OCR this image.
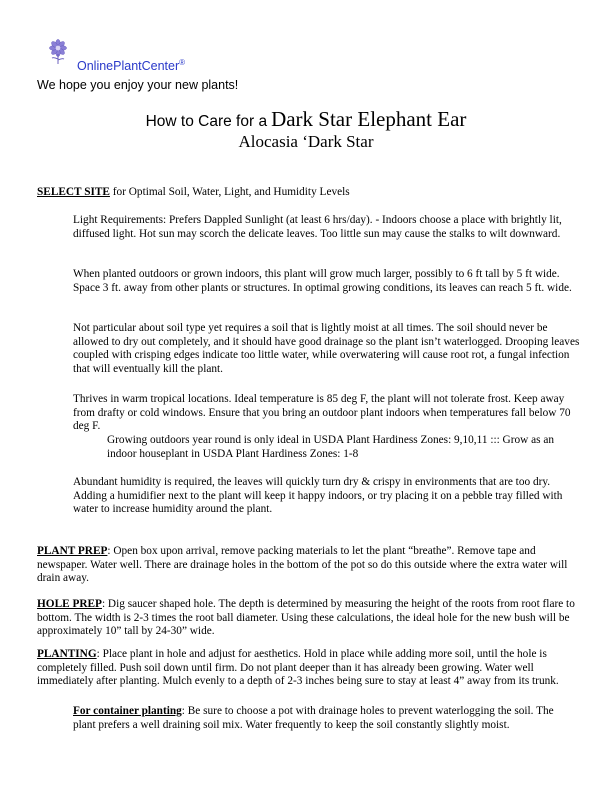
OnlinePlantCenter®
We hope you enjoy your new plants!
How to Care for a Dark Star Elephant Ear
Alocasia ‘Dark Star
SELECT SITE for Optimal Soil, Water, Light, and Humidity Levels
Light Requirements: Prefers Dappled Sunlight (at least 6 hrs/day). - Indoors choose a place with brightly lit, diffused light. Hot sun may scorch the delicate leaves. Too little sun may cause the stalks to wilt downward.
When planted outdoors or grown indoors, this plant will grow much larger, possibly to 6 ft tall by 5 ft wide. Space 3 ft. away from other plants or structures. In optimal growing conditions, its leaves can reach 5 ft. wide.
Not particular about soil type yet requires a soil that is lightly moist at all times. The soil should never be allowed to dry out completely, and it should have good drainage so the plant isn’t waterlogged. Drooping leaves coupled with crisping edges indicate too little water, while overwatering will cause root rot, a fungal infection that will eventually kill the plant.
Thrives in warm tropical locations. Ideal temperature is 85 deg F, the plant will not tolerate frost. Keep away from drafty or cold windows. Ensure that you bring an outdoor plant indoors when temperatures fall below 70 deg F.
Growing outdoors year round is only ideal in USDA Plant Hardiness Zones: 9,10,11 ::: Grow as an indoor houseplant in USDA Plant Hardiness Zones: 1-8
Abundant humidity is required, the leaves will quickly turn dry & crispy in environments that are too dry. Adding a humidifier next to the plant will keep it happy indoors, or try placing it on a pebble tray filled with water to increase humidity around the plant.
PLANT PREP: Open box upon arrival, remove packing materials to let the plant “breathe”. Remove tape and newspaper. Water well. There are drainage holes in the bottom of the pot so do this outside where the extra water will drain away.
HOLE PREP: Dig saucer shaped hole. The depth is determined by measuring the height of the roots from root flare to bottom. The width is 2-3 times the root ball diameter. Using these calculations, the ideal hole for the new bush will be approximately 10” tall by 24-30” wide.
PLANTING: Place plant in hole and adjust for aesthetics. Hold in place while adding more soil, until the hole is completely filled. Push soil down until firm. Do not plant deeper than it has already been growing. Water well immediately after planting. Mulch evenly to a depth of 2-3 inches being sure to stay at least 4” away from its trunk.
For container planting: Be sure to choose a pot with drainage holes to prevent waterlogging the soil. The plant prefers a well draining soil mix. Water frequently to keep the soil constantly slightly moist.
